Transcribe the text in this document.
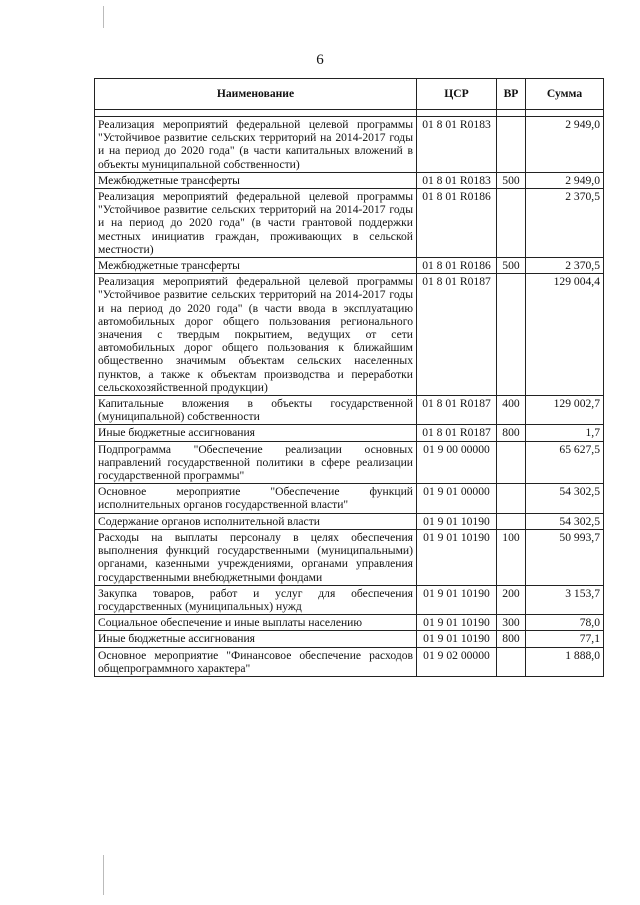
6
Наименование	ЦСР	ВР	Сумма

Реализация мероприятий федеральной целевой программы "Устойчивое развитие сельских территорий на 2014-2017 годы и на период до 2020 года" (в части капитальных вложений в объекты муниципальной собственности)	01 8 01 R0183		2 949,0
Межбюджетные трансферты	01 8 01 R0183	500	2 949,0
Реализация мероприятий федеральной целевой программы "Устойчивое развитие сельских территорий на 2014-2017 годы и на период до 2020 года" (в части грантовой поддержки местных инициатив граждан, проживающих в сельской местности)	01 8 01 R0186		2 370,5
Межбюджетные трансферты	01 8 01 R0186	500	2 370,5
Реализация мероприятий федеральной целевой программы "Устойчивое развитие сельских территорий на 2014-2017 годы и на период до 2020 года" (в части ввода в эксплуатацию автомобильных дорог общего пользования регионального значения с твердым покрытием, ведущих от сети автомобильных дорог общего пользования к ближайшим общественно значимым объектам сельских населенных пунктов, а также к объектам производства и переработки сельскохозяйственной продукции)	01 8 01 R0187		129 004,4
Капитальные вложения в объекты государственной (муниципальной) собственности	01 8 01 R0187	400	129 002,7
Иные бюджетные ассигнования	01 8 01 R0187	800	1,7
Подпрограмма "Обеспечение реализации основных направлений государственной политики в сфере реализации государственной программы"	01 9 00 00000		65 627,5
Основное мероприятие "Обеспечение функций исполнительных органов государственной власти"	01 9 01 00000		54 302,5
Содержание органов исполнительной власти	01 9 01 10190		54 302,5
Расходы на выплаты персоналу в целях обеспечения выполнения функций государственными (муниципальными) органами, казенными учреждениями, органами управления государственными внебюджетными фондами	01 9 01 10190	100	50 993,7
Закупка товаров, работ и услуг для обеспечения государственных (муниципальных) нужд	01 9 01 10190	200	3 153,7
Социальное обеспечение и иные выплаты населению	01 9 01 10190	300	78,0
Иные бюджетные ассигнования	01 9 01 10190	800	77,1
Основное мероприятие "Финансовое обеспечение расходов общепрограммного характера"	01 9 02 00000		1 888,0
